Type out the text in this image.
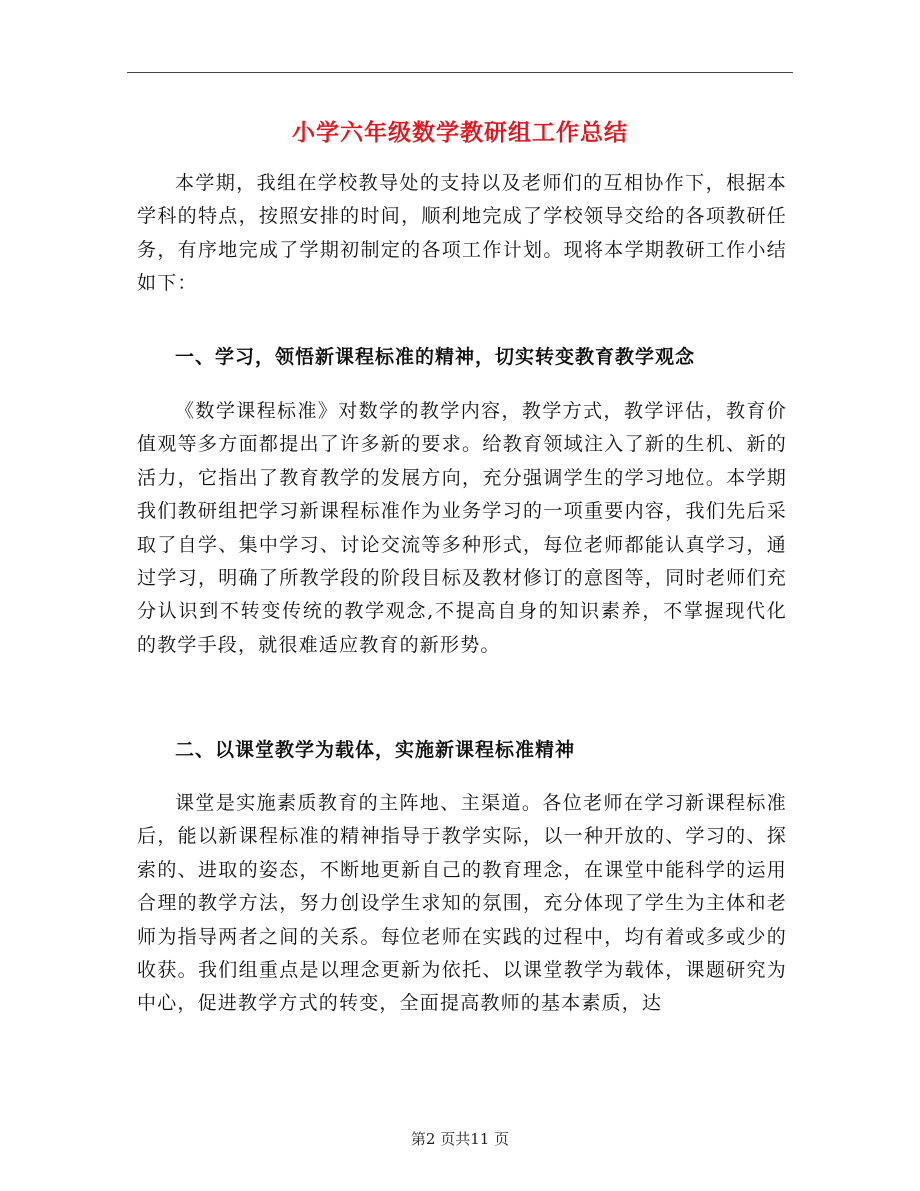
小学六年级数学教研组工作总结

本学期，我组在学校教导处的支持以及老师们的互相协作下，根据本学科的特点，按照安排的时间，顺利地完成了学校领导交给的各项教研任务，有序地完成了学期初制定的各项工作计划。现将本学期教研工作小结如下：

一、学习，领悟新课程标准的精神，切实转变教育教学观念

《数学课程标准》对数学的教学内容，教学方式，教学评估，教育价值观等多方面都提出了许多新的要求。给教育领域注入了新的生机、新的活力，它指出了教育教学的发展方向，充分强调学生的学习地位。本学期我们教研组把学习新课程标准作为业务学习的一项重要内容，我们先后采取了自学、集中学习、讨论交流等多种形式，每位老师都能认真学习，通过学习，明确了所教学段的阶段目标及教材修订的意图等，同时老师们充分认识到不转变传统的教学观念,不提高自身的知识素养，不掌握现代化的教学手段，就很难适应教育的新形势。

二、以课堂教学为载体，实施新课程标准精神

课堂是实施素质教育的主阵地、主渠道。各位老师在学习新课程标准后，能以新课程标准的精神指导于教学实际，以一种开放的、学习的、探索的、进取的姿态，不断地更新自己的教育理念，在课堂中能科学的运用合理的教学方法，努力创设学生求知的氛围，充分体现了学生为主体和老师为指导两者之间的关系。每位老师在实践的过程中，均有着或多或少的收获。我们组重点是以理念更新为依托、以课堂教学为载体，课题研究为中心，促进教学方式的转变，全面提高教师的基本素质，达

第2 页共11 页
